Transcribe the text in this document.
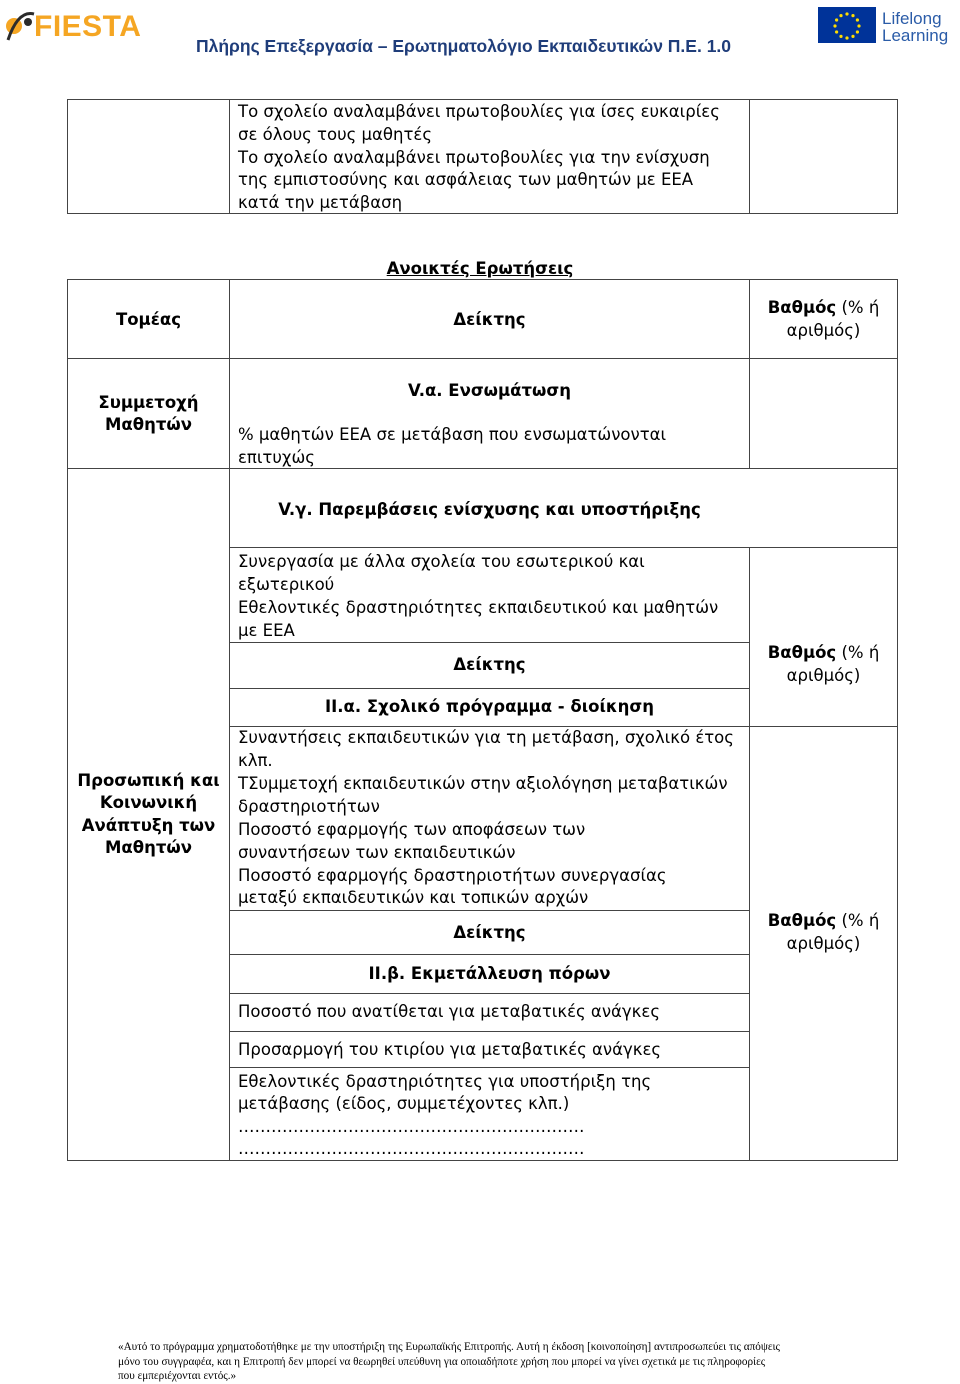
FIESTA
Πλήρης Επεξεργασία – Ερωτηματολόγιο Εκπαιδευτικών Π.Ε. 1.0
Lifelong
Learning
Το σχολείο αναλαμβάνει πρωτοβουλίες για ίσες ευκαιρίες
σε όλους τους μαθητές
Το σχολείο αναλαμβάνει πρωτοβουλίες για την ενίσχυση
της εμπιστοσύνης και ασφάλειας των μαθητών με ΕΕΑ
κατά την μετάβαση
Ανοικτές Ερωτήσεις
Τομέας	Δείκτης
Βαθμός (% ή
αριθμός)
Συμμετοχή
Μαθητών
V.α. Ενσωμάτωση
% μαθητών ΕΕΑ σε μετάβαση που ενσωματώνονται
επιτυχώς
V.γ. Παρεμβάσεις ενίσχυσης και υποστήριξης
Συνεργασία με άλλα σχολεία του εσωτερικού και
εξωτερικού
Εθελοντικές δραστηριότητες εκπαιδευτικού και μαθητών
με ΕΕΑ
Δείκτης
Βαθμός (% ή
αριθμός)
Προσωπική και
Κοινωνική
Ανάπτυξη των
Μαθητών
ΙΙ.α. Σχολικό πρόγραμμα - διοίκηση
Συναντήσεις εκπαιδευτικών για τη μετάβαση, σχολικό έτος
κλπ.
ΤΣυμμετοχή εκπαιδευτικών στην αξιολόγηση μεταβατικών
δραστηριοτήτων
Ποσοστό εφαρμογής των αποφάσεων των
συναντήσεων των εκπαιδευτικών
Ποσοστό εφαρμογής δραστηριοτήτων συνεργασίας
μεταξύ εκπαιδευτικών και τοπικών αρχών
Δείκτης
Βαθμός (% ή
αριθμός)
ΙΙ.β. Εκμετάλλευση πόρων
Ποσοστό που ανατίθεται για μεταβατικές ανάγκες
Προσαρμογή του κτιρίου για μεταβατικές ανάγκες
Εθελοντικές δραστηριότητες για υποστήριξη της
μετάβασης (είδος, συμμετέχοντες κλπ.)
………………………………………………………
………………………………………………………
«Αυτό το πρόγραμμα χρηματοδοτήθηκε με την υποστήριξη της Ευρωπαϊκής Επιτροπής. Αυτή η έκδοση [κοινοποίηση] αντιπροσωπεύει τις απόψεις
μόνο του συγγραφέα, και η Επιτροπή δεν μπορεί να θεωρηθεί υπεύθυνη για οποιαδήποτε χρήση που μπορεί να γίνει σχετικά με τις πληροφορίες
που εμπεριέχονται εντός.»
